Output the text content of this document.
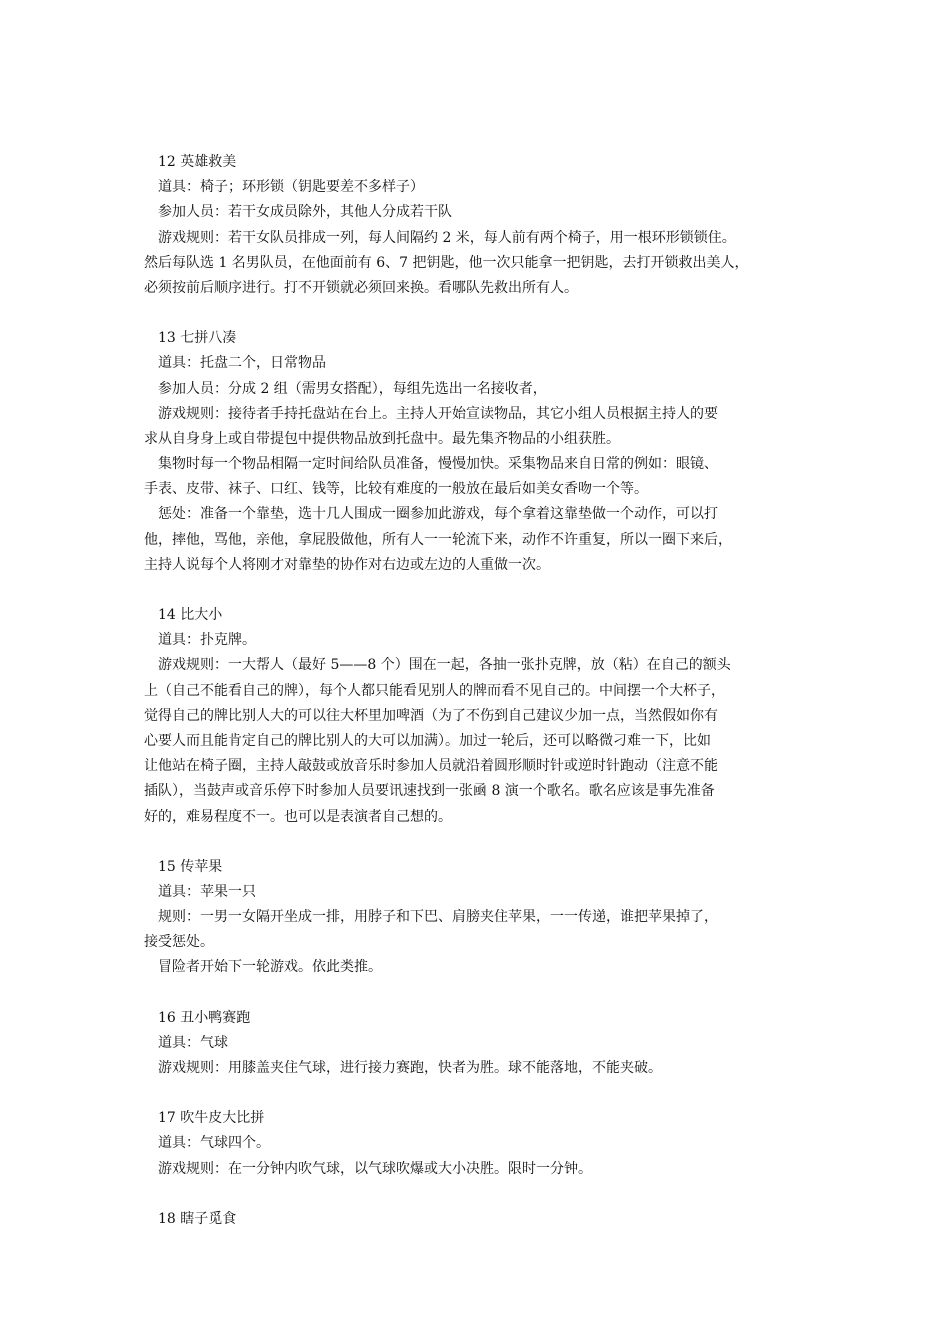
12 英雄救美
道具：椅子；环形锁（钥匙要差不多样子）
参加人员：若干女成员除外，其他人分成若干队
游戏规则：若干女队员排成一列，每人间隔约 2 米，每人前有两个椅子，用一根环形锁锁住。
然后每队选 1 名男队员，在他面前有 6、7 把钥匙，他一次只能拿一把钥匙，去打开锁救出美人，
必须按前后顺序进行。打不开锁就必须回来换。看哪队先救出所有人。
13 七拼八凑
道具：托盘二个，日常物品
参加人员：分成 2 组（需男女搭配），每组先选出一名接收者，
游戏规则：接待者手持托盘站在台上。主持人开始宣读物品，其它小组人员根据主持人的要
求从自身身上或自带提包中提供物品放到托盘中。最先集齐物品的小组获胜。
集物时每一个物品相隔一定时间给队员准备，慢慢加快。采集物品来自日常的例如：眼镜、
手表、皮带、袜子、口红、钱等，比较有难度的一般放在最后如美女香吻一个等。
惩处：准备一个靠垫，选十几人围成一圈参加此游戏，每个拿着这靠垫做一个动作，可以打
他，摔他，骂他，亲他，拿屁股做他，所有人一一轮流下来，动作不许重复，所以一圈下来后，
主持人说每个人将刚才对靠垫的协作对右边或左边的人重做一次。
14 比大小
道具：扑克牌。
游戏规则：一大帮人（最好 5——8 个）围在一起，各抽一张扑克牌，放（粘）在自己的额头
上（自己不能看自己的牌），每个人都只能看见别人的牌而看不见自己的。中间摆一个大杯子，
觉得自己的牌比别人大的可以往大杯里加啤酒（为了不伤到自己建议少加一点，当然假如你有
心要人而且能肯定自己的牌比别人的大可以加满）。加过一轮后，还可以略微刁难一下，比如
让他站在椅子圈，主持人敲鼓或放音乐时参加人员就沿着圆形顺时针或逆时针跑动（注意不能
插队），当鼓声或音乐停下时参加人员要讯速找到一张凾 8 演一个歌名。歌名应该是事先准备
好的，难易程度不一。也可以是表演者自己想的。
15 传苹果
道具：苹果一只
规则：一男一女隔开坐成一排，用脖子和下巴、肩膀夹住苹果，一一传递，谁把苹果掉了，
接受惩处。
冒险者开始下一轮游戏。依此类推。
16 丑小鸭赛跑
道具：气球
游戏规则：用膝盖夹住气球，进行接力赛跑，快者为胜。球不能落地，不能夹破。
17 吹牛皮大比拼
道具：气球四个。
游戏规则：在一分钟内吹气球，以气球吹爆或大小决胜。限时一分钟。
18 瞎子觅食
